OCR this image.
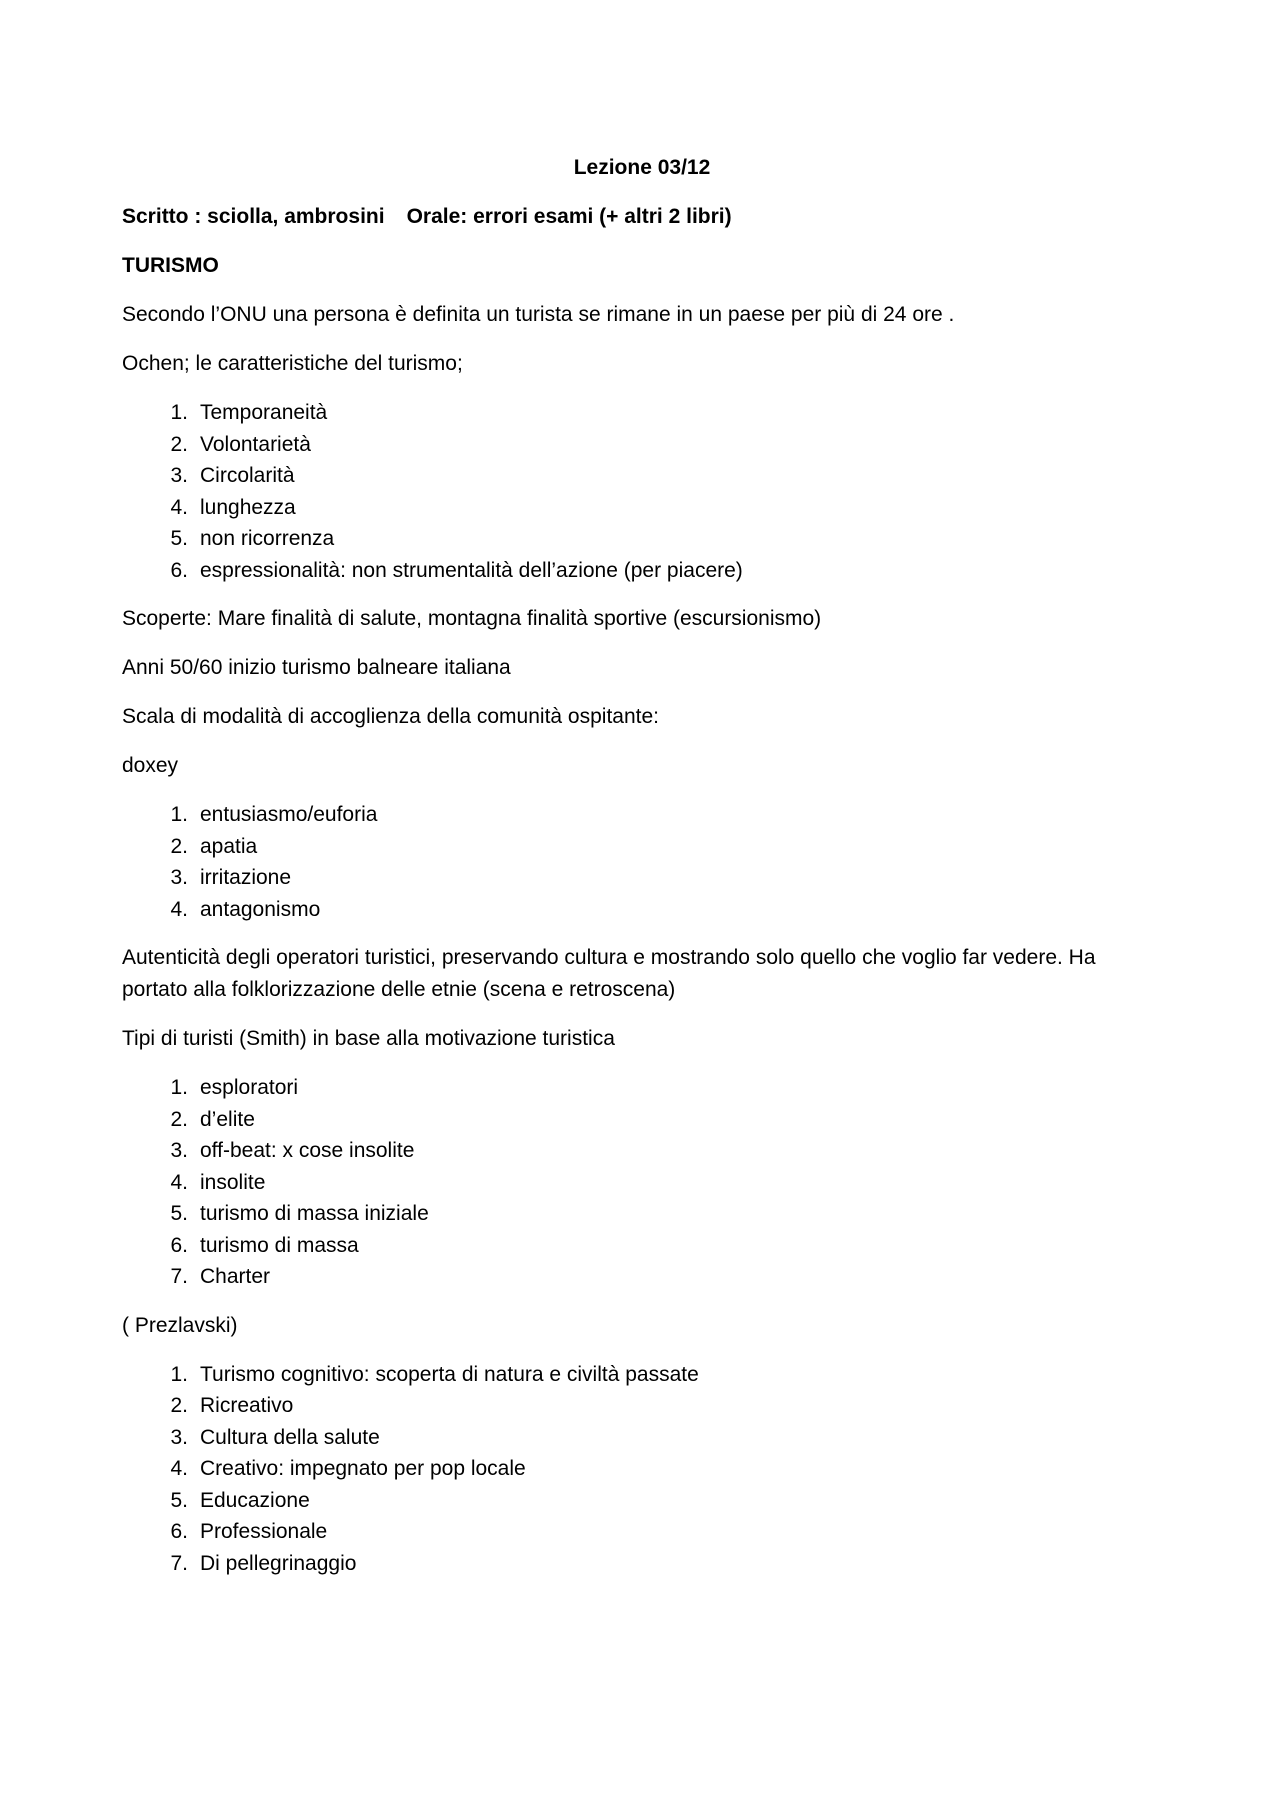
Lezione 03/12

Scritto : sciolla, ambrosini Orale: errori esami (+ altri 2 libri)

TURISMO

Secondo l’ONU una persona è definita un turista se rimane in un paese per più di 24 ore .

Ochen; le caratteristiche del turismo;

1. Temporaneità
2. Volontarietà
3. Circolarità
4. lunghezza
5. non ricorrenza
6. espressionalità: non strumentalità dell’azione (per piacere)

Scoperte: Mare finalità di salute, montagna finalità sportive (escursionismo)

Anni 50/60 inizio turismo balneare italiana

Scala di modalità di accoglienza della comunità ospitante:

doxey

1. entusiasmo/euforia
2. apatia
3. irritazione
4. antagonismo

Autenticità degli operatori turistici, preservando cultura e mostrando solo quello che voglio far vedere. Ha portato alla folklorizzazione delle etnie (scena e retroscena)

Tipi di turisti (Smith) in base alla motivazione turistica

1. esploratori
2. d’elite
3. off-beat: x cose insolite
4. insolite
5. turismo di massa iniziale
6. turismo di massa
7. Charter

( Prezlavski)

1. Turismo cognitivo: scoperta di natura e civiltà passate
2. Ricreativo
3. Cultura della salute
4. Creativo: impegnato per pop locale
5. Educazione
6. Professionale
7. Di pellegrinaggio
